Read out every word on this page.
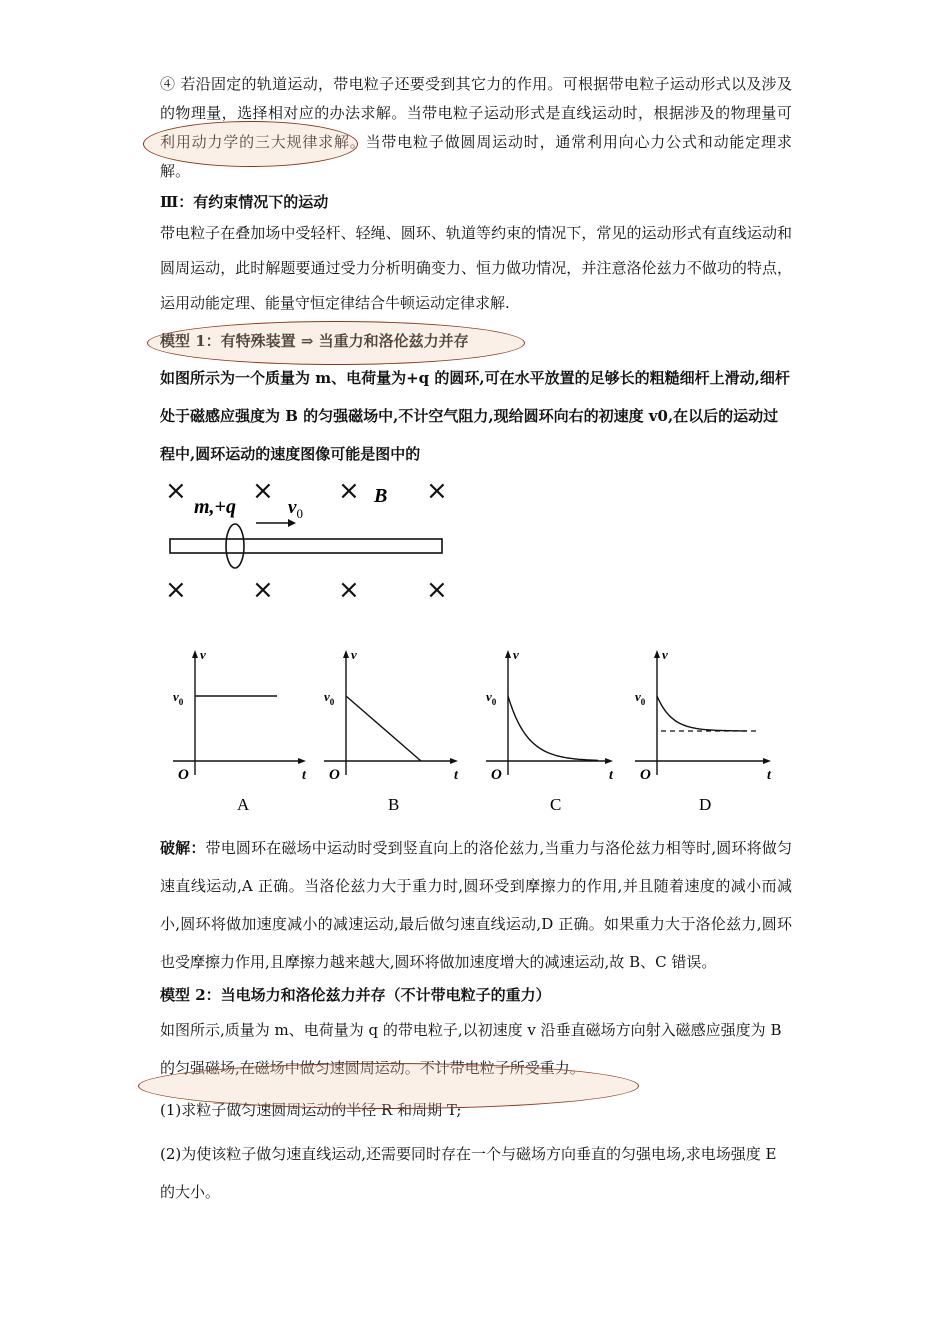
④ 若沿固定的轨道运动，带电粒子还要受到其它力的作用。可根据带电粒子运动形式以及涉及的物理量，选择相对应的办法求解。当带电粒子运动形式是直线运动时，根据涉及的物理量可利用动力学的三大规律求解。当带电粒子做圆周运动时，通常利用向心力公式和动能定理求解。

Ⅲ：有约束情况下的运动

带电粒子在叠加场中受轻杆、轻绳、圆环、轨道等约束的情况下，常见的运动形式有直线运动和圆周运动，此时解题要通过受力分析明确变力、恒力做功情况，并注意洛伦兹力不做功的特点，运用动能定理、能量守恒定律结合牛顿运动定律求解.

模型 1：有特殊装置 ⇒ 当重力和洛伦兹力并存

如图所示为一个质量为 m、电荷量为+q 的圆环,可在水平放置的足够长的粗糙细杆上滑动,细杆处于磁感应强度为 B 的匀强磁场中,不计空气阻力,现给圆环向右的初速度 v0,在以后的运动过程中,圆环运动的速度图像可能是图中的

×	× ×	×
×	× ×	×
m,+q	$v_0$
B
v
t
O
$v_0$
A
v
t
O
$v_0$
B
v
t
O
$v_0$
C
v
t
O
$v_0$
D

破解：带电圆环在磁场中运动时受到竖直向上的洛伦兹力,当重力与洛伦兹力相等时,圆环将做匀速直线运动,A 正确。当洛伦兹力大于重力时,圆环受到摩擦力的作用,并且随着速度的减小而减小,圆环将做加速度减小的减速运动,最后做匀速直线运动,D 正确。如果重力大于洛伦兹力,圆环也受摩擦力作用,且摩擦力越来越大,圆环将做加速度增大的减速运动,故 B、C 错误。

模型 2：当电场力和洛伦兹力并存（不计带电粒子的重力）

如图所示,质量为 m、电荷量为 q 的带电粒子,以初速度 v 沿垂直磁场方向射入磁感应强度为 B 的匀强磁场,在磁场中做匀速圆周运动。不计带电粒子所受重力。

(1)求粒子做匀速圆周运动的半径 R 和周期 T;

(2)为使该粒子做匀速直线运动,还需要同时存在一个与磁场方向垂直的匀强电场,求电场强度 E 的大小。
